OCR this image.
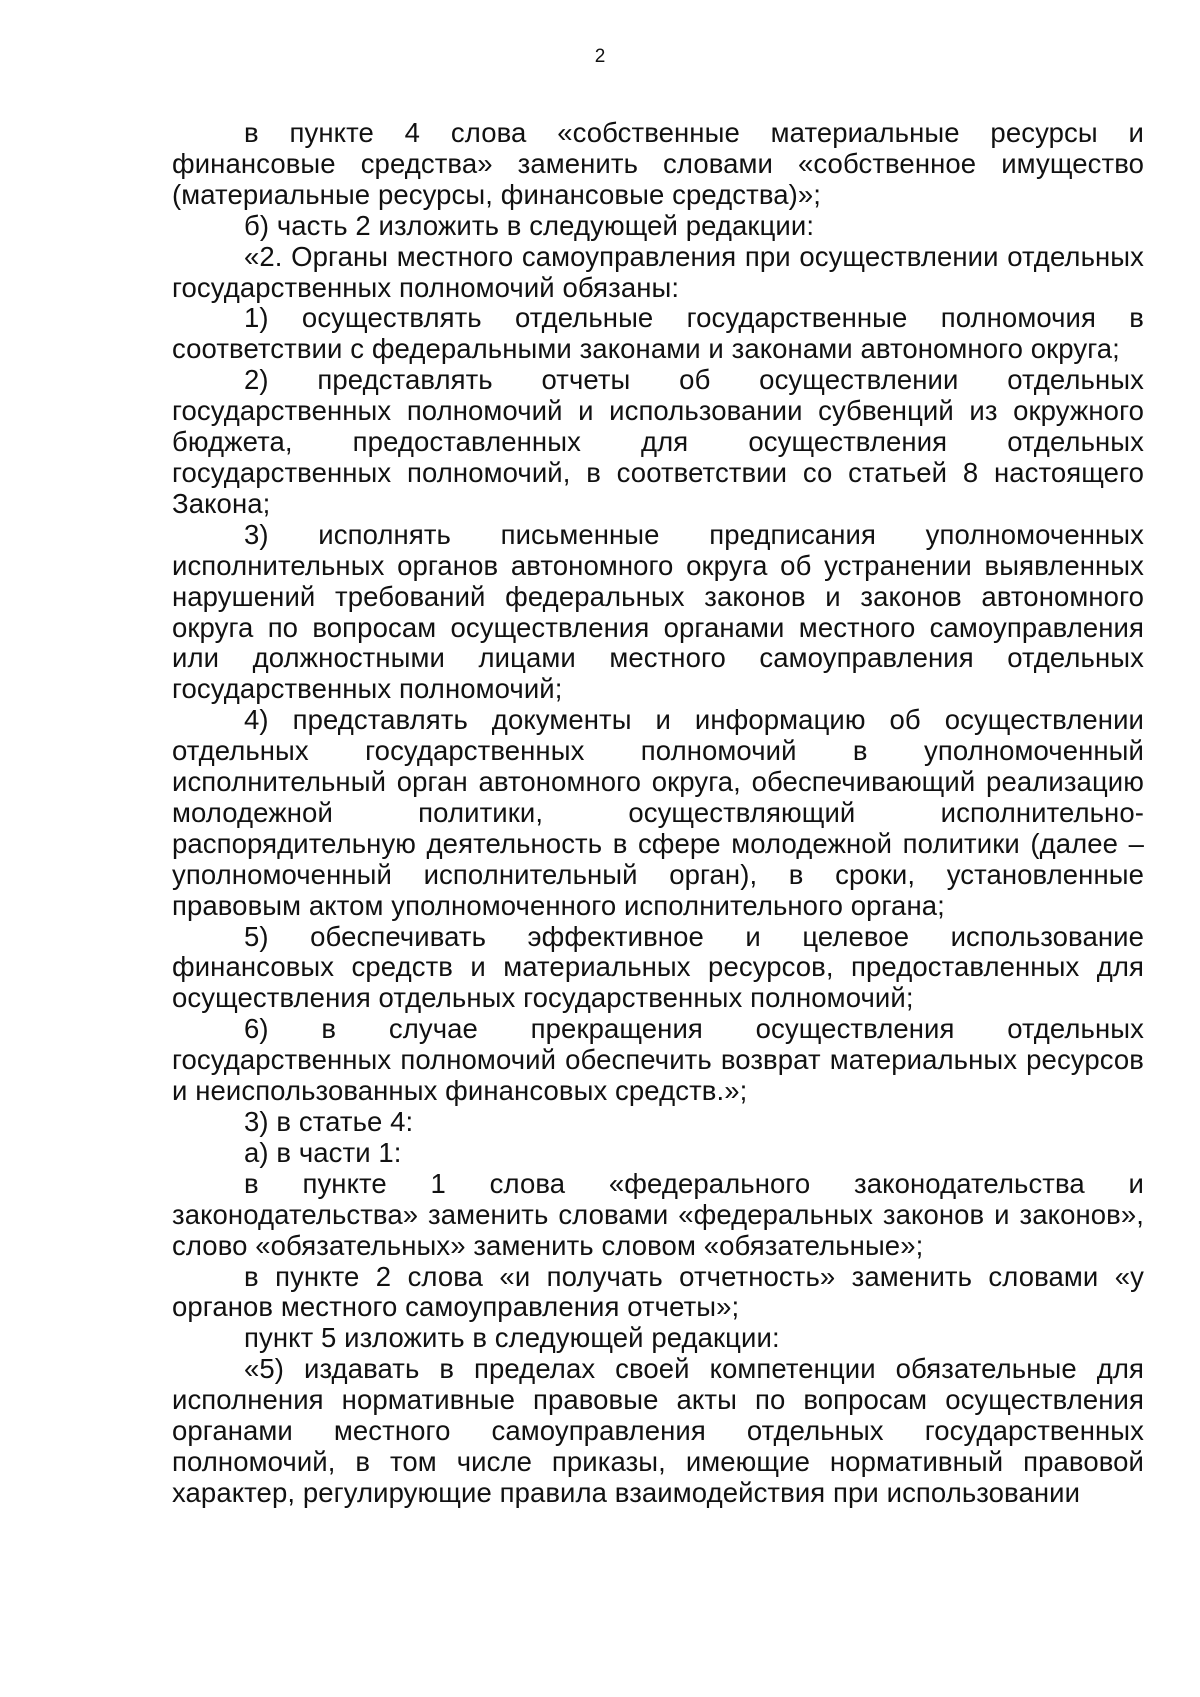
2

в пункте 4 слова «собственные материальные ресурсы и финансовые средства» заменить словами «собственное имущество (материальные ресурсы, финансовые средства)»;

б) часть 2 изложить в следующей редакции:

«2. Органы местного самоуправления при осуществлении отдельных государственных полномочий обязаны:

1) осуществлять отдельные государственные полномочия в соответствии с федеральными законами и законами автономного округа;

2) представлять отчеты об осуществлении отдельных государственных полномочий и использовании субвенций из окружного бюджета, предоставленных для осуществления отдельных государственных полномочий, в соответствии со статьей 8 настоящего Закона;

3) исполнять письменные предписания уполномоченных исполнительных органов автономного округа об устранении выявленных нарушений требований федеральных законов и законов автономного округа по вопросам осуществления органами местного самоуправления или должностными лицами местного самоуправления отдельных государственных полномочий;

4) представлять документы и информацию об осуществлении отдельных государственных полномочий в уполномоченный исполнительный орган автономного округа, обеспечивающий реализацию молодежной политики, осуществляющий исполнительно-распорядительную деятельность в сфере молодежной политики (далее – уполномоченный исполнительный орган), в сроки, установленные правовым актом уполномоченного исполнительного органа;

5) обеспечивать эффективное и целевое использование финансовых средств и материальных ресурсов, предоставленных для осуществления отдельных государственных полномочий;

6) в случае прекращения осуществления отдельных государственных полномочий обеспечить возврат материальных ресурсов и неиспользованных финансовых средств.»;

3) в статье 4:

а) в части 1:

в пункте 1 слова «федерального законодательства и законодательства» заменить словами «федеральных законов и законов», слово «обязательных» заменить словом «обязательные»;

в пункте 2 слова «и получать отчетность» заменить словами «у органов местного самоуправления отчеты»;

пункт 5 изложить в следующей редакции:

«5) издавать в пределах своей компетенции обязательные для исполнения нормативные правовые акты по вопросам осуществления органами местного самоуправления отдельных государственных полномочий, в том числе приказы, имеющие нормативный правовой характер, регулирующие правила взаимодействия при использовании
